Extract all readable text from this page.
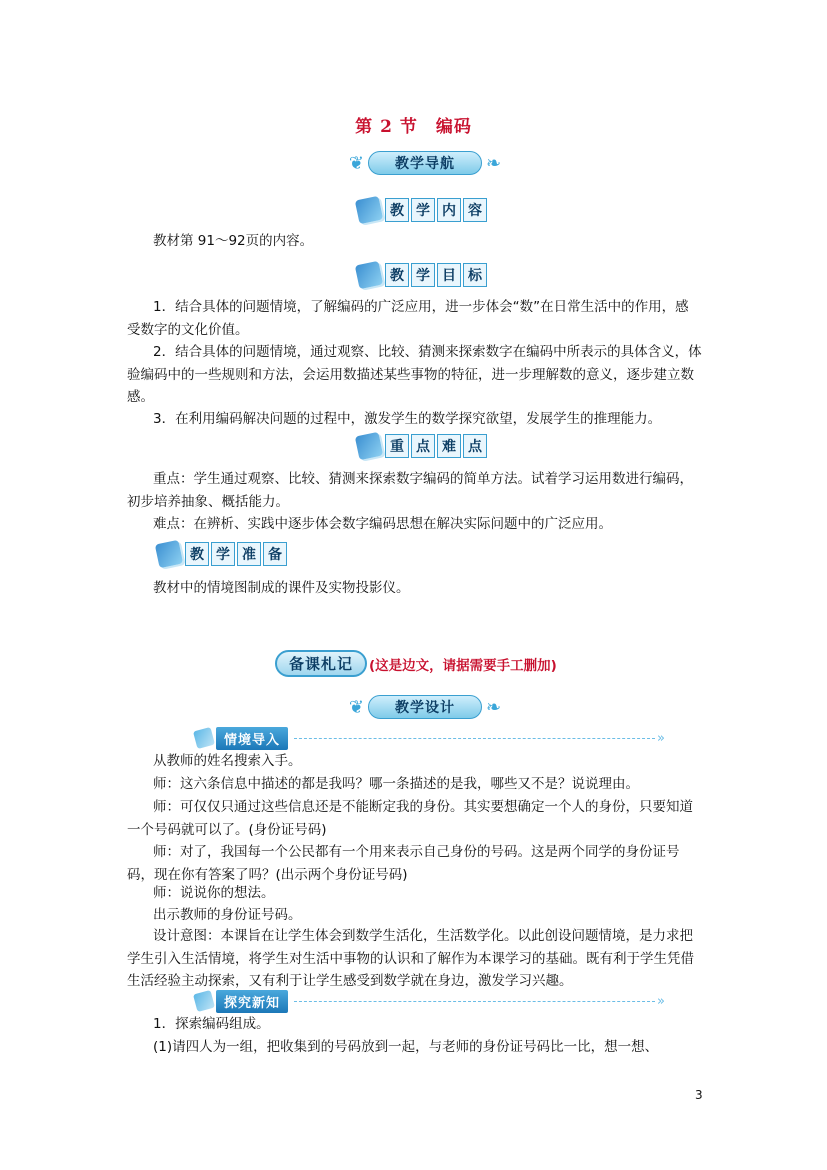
第 2 节　编码
❦	教学导航	❧
教 学 内 容
教材第 91～92页的内容。
教 学 目 标
1．结合具体的问题情境，了解编码的广泛应用，进一步体会“数”在日常生活中的作用，感受数字的文化价值。
2．结合具体的问题情境，通过观察、比较、猜测来探索数字在编码中所表示的具体含义，体验编码中的一些规则和方法，会运用数描述某些事物的特征，进一步理解数的意义，逐步建立数感。
3．在利用编码解决问题的过程中，激发学生的数学探究欲望，发展学生的推理能力。
重 点 难 点
重点：学生通过观察、比较、猜测来探索数字编码的简单方法。试着学习运用数进行编码，初步培养抽象、概括能力。
难点：在辨析、实践中逐步体会数字编码思想在解决实际问题中的广泛应用。
教 学 准 备
教材中的情境图制成的课件及实物投影仪。
备课札记	(这是边文，请据需要手工删加)
❦	教学设计	❧
情境导入	»
从教师的姓名搜索入手。
师：这六条信息中描述的都是我吗？哪一条描述的是我，哪些又不是？说说理由。
师：可仅仅只通过这些信息还是不能断定我的身份。其实要想确定一个人的身份，只要知道一个号码就可以了。(身份证号码)
师：对了，我国每一个公民都有一个用来表示自己身份的号码。这是两个同学的身份证号码，现在你有答案了吗？(出示两个身份证号码)
师：说说你的想法。
出示教师的身份证号码。
设计意图：本课旨在让学生体会到数学生活化，生活数学化。以此创设问题情境，是力求把学生引入生活情境，将学生对生活中事物的认识和了解作为本课学习的基础。既有利于学生凭借生活经验主动探索，又有利于让学生感受到数学就在身边，激发学习兴趣。
探究新知	»
1．探索编码组成。
(1)请四人为一组，把收集到的号码放到一起，与老师的身份证号码比一比，想一想、
3
